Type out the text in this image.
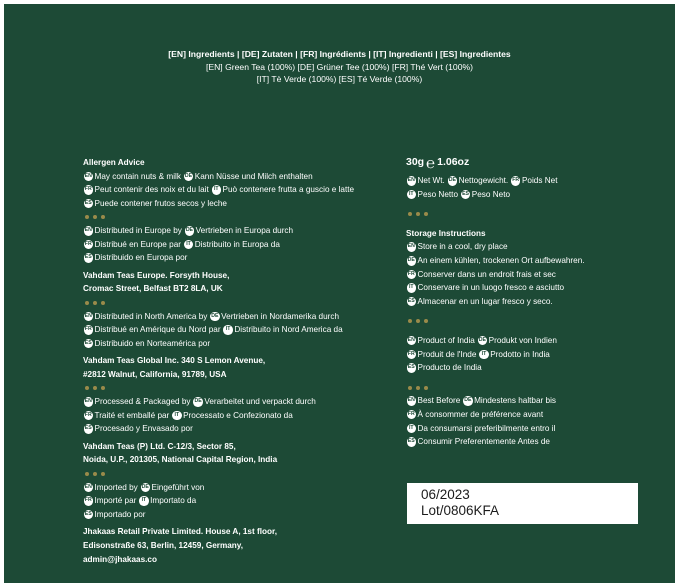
[EN] Ingredients | [DE] Zutaten | [FR] Ingrédients | [IT] Ingredienti | [ES] Ingredientes
[EN] Green Tea (100%) [DE] Grüner Tee (100%) [FR] Thé Vert (100%)
[IT] Tè Verde (100%) [ES] Té Verde (100%)
Allergen Advice
EN May contain nuts & milk
DE Kann Nüsse und Milch enthalten
FR Peut contenir des noix et du lait
	IT Può contenere frutta a guscio e latte
ES Puede contener frutos secos y leche
EN Distributed in Europe by
DE Vertrieben in Europa durch
FR Distribué en Europe par
	IT Distribuito in Europa da
ES Distribuido en Europa por
Vahdam Teas Europe. Forsyth House,
Cromac Street, Belfast BT2 8LA, UK
EN Distributed in North America by
DE Vertrieben in Nordamerika durch
FR Distribué en Amérique du Nord par
	IT Distribuito in Nord America da
ES Distribuido en Norteamérica por
Vahdam Teas Global Inc. 340 S Lemon Avenue,
#2812 Walnut, California, 91789, USA
EN Processed & Packaged by
DE Verarbeitet und verpackt durch
FR Traité et emballé par
	IT Processato e Confezionato da
ES Procesado y Envasado por
Vahdam Teas (P) Ltd. C-12/3, Sector 85,
Noida, U.P., 201305, National Capital Region, India
EN Imported by
DE Eingeführt von
FR Importé par
	IT Importato da
ES Importado por
Jhakaas Retail Private Limited. House A, 1st floor, Edisonstraße 63, Berlin, 12459, Germany, admin@jhakaas.co
30g ℮ 1.06oz
EN Net Wt.
DE Nettogewicht.
FR Poids Net
IT Peso Netto
ES Peso Neto
Storage Instructions
EN Store in a cool, dry place
DE An einem kühlen, trockenen Ort aufbewahren.
FR Conserver dans un endroit frais et sec
IT Conservare in un luogo fresco e asciutto
ES Almacenar en un lugar fresco y seco.
EN Product of India
DE Produkt von Indien
FR Produit de l'Inde
	IT Prodotto in India
ES Producto de India
EN Best Before
DE Mindestens haltbar bis
FR À consommer de préférence avant
IT Da consumarsi preferibilmente entro il
ES Consumir Preferentemente Antes de
06/2023
Lot/0806KFA
